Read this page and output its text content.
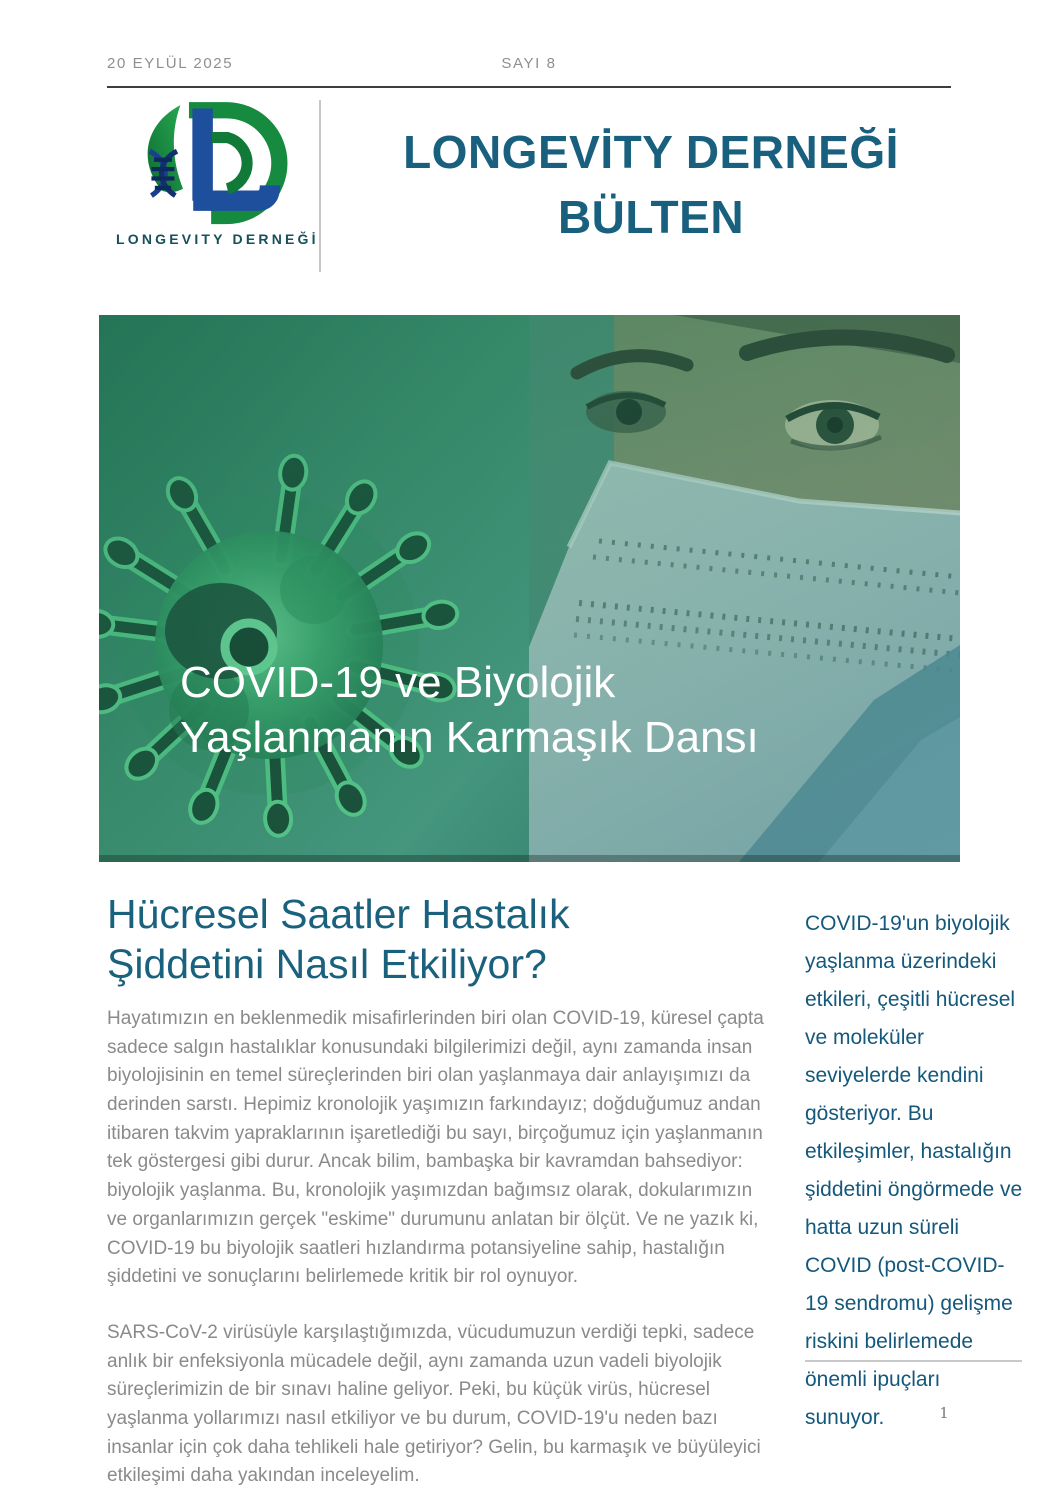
20 EYLÜL 2025	SAYI 8
LONGEVITY DERNEĞİ
LONGEVİTY DERNEĞİ
BÜLTEN
COVID-19 ve Biyolojik
Yaşlanmanın Karmaşık Dansı
Hücresel Saatler Hastalık
Şiddetini Nasıl Etkiliyor?

Hayatımızın en beklenmedik misafirlerinden biri olan COVID-19, küresel çapta sadece salgın hastalıklar konusundaki bilgilerimizi değil, aynı zamanda insan biyolojisinin en temel süreçlerinden biri olan yaşlanmaya dair anlayışımızı da derinden sarstı. Hepimiz kronolojik yaşımızın farkındayız; doğduğumuz andan itibaren takvim yapraklarının işaretlediği bu sayı, birçoğumuz için yaşlanmanın tek göstergesi gibi durur. Ancak bilim, bambaşka bir kavramdan bahsediyor: biyolojik yaşlanma. Bu, kronolojik yaşımızdan bağımsız olarak, dokularımızın ve organlarımızın gerçek "eskime" durumunu anlatan bir ölçüt. Ve ne yazık ki, COVID-19 bu biyolojik saatleri hızlandırma potansiyeline sahip, hastalığın şiddetini ve sonuçlarını belirlemede kritik bir rol oynuyor.

SARS-CoV-2 virüsüyle karşılaştığımızda, vücudumuzun verdiği tepki, sadece anlık bir enfeksiyonla mücadele değil, aynı zamanda uzun vadeli biyolojik süreçlerimizin de bir sınavı haline geliyor. Peki, bu küçük virüs, hücresel yaşlanma yollarımızı nasıl etkiliyor ve bu durum, COVID-19'u neden bazı insanlar için çok daha tehlikeli hale getiriyor? Gelin, bu karmaşık ve büyüleyici etkileşimi daha yakından inceleyelim.

COVID-19'un biyolojik yaşlanma üzerindeki etkileri, çeşitli hücresel ve moleküler seviyelerde kendini gösteriyor. Bu etkileşimler, hastalığın şiddetini öngörmede ve hatta uzun süreli COVID (post-COVID-19 sendromu) gelişme riskini belirlemede önemli ipuçları sunuyor.	1
